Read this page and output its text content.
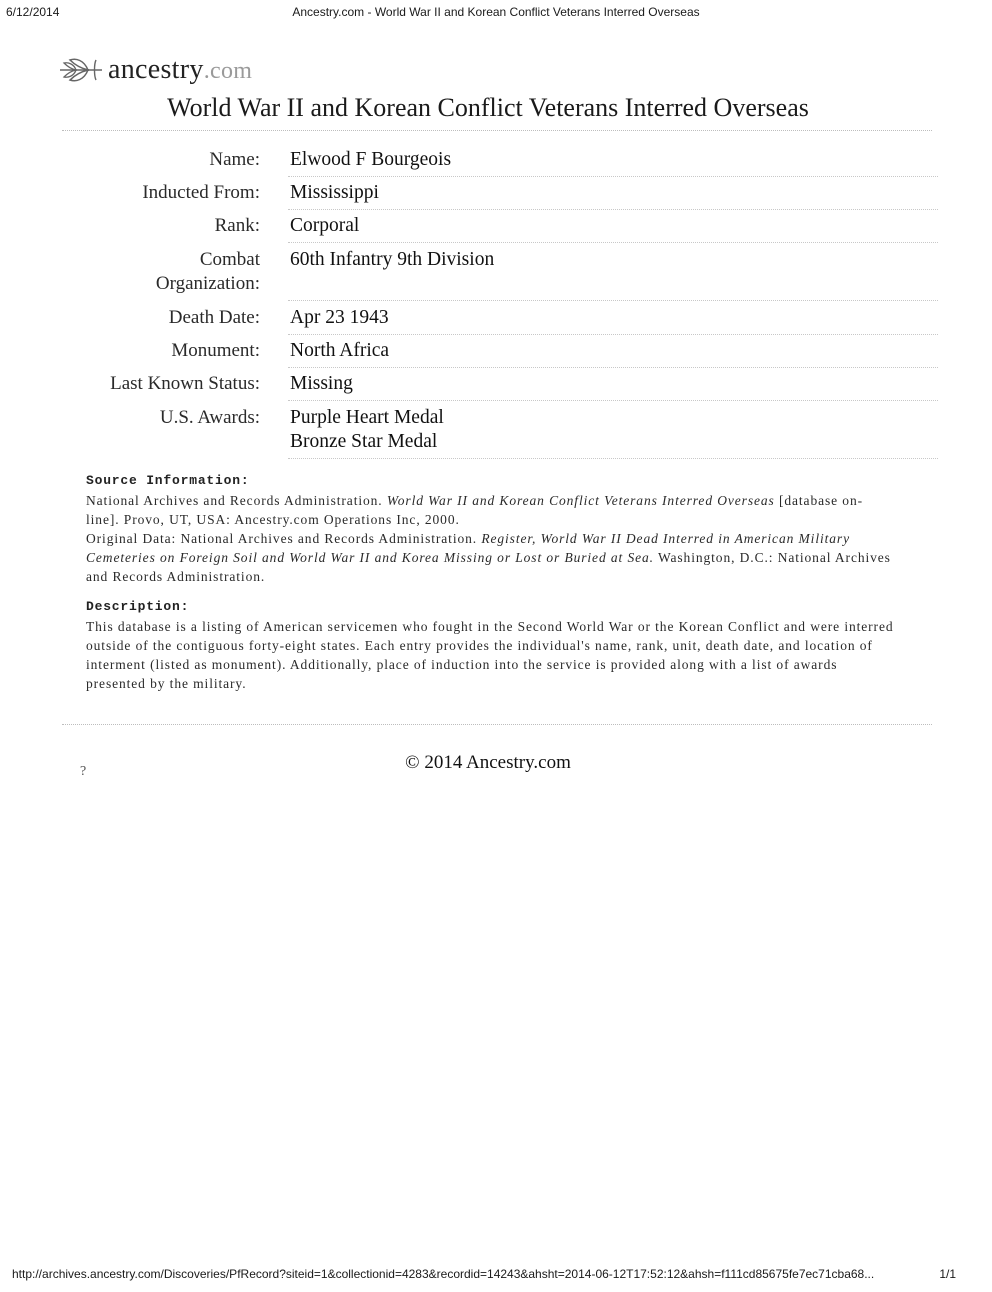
6/12/2014	Ancestry.com - World War II and Korean Conflict Veterans Interred Overseas
ancestry.com
World War II and Korean Conflict Veterans Interred Overseas
Name: Elwood F Bourgeois
Inducted From: Mississippi
Rank: Corporal
Combat
Organization:
60th Infantry 9th Division
Death Date: Apr 23 1943
Monument: North Africa
Last Known Status: Missing
U.S. Awards: Purple Heart Medal
Bronze Star Medal
Source Information:
National Archives and Records Administration. World War II and Korean Conflict Veterans Interred Overseas [database on-line]. Provo, UT, USA: Ancestry.com Operations Inc, 2000.
Original Data: National Archives and Records Administration. Register, World War II Dead Interred in American Military Cemeteries on Foreign Soil and World War II and Korea Missing or Lost or Buried at Sea. Washington, D.C.: National Archives and Records Administration.
Description:
This database is a listing of American servicemen who fought in the Second World War or the Korean Conflict and were interred outside of the contiguous forty-eight states. Each entry provides the individual's name, rank, unit, death date, and location of interment (listed as monument). Additionally, place of induction into the service is provided along with a list of awards presented by the military.
?	© 2014 Ancestry.com
http://archives.ancestry.com/Discoveries/PfRecord?siteid=1&collectionid=4283&recordid=14243&ahsht=2014-06-12T17:52:12&ahsh=f111cd85675fe7ec71cba68...	1/1
